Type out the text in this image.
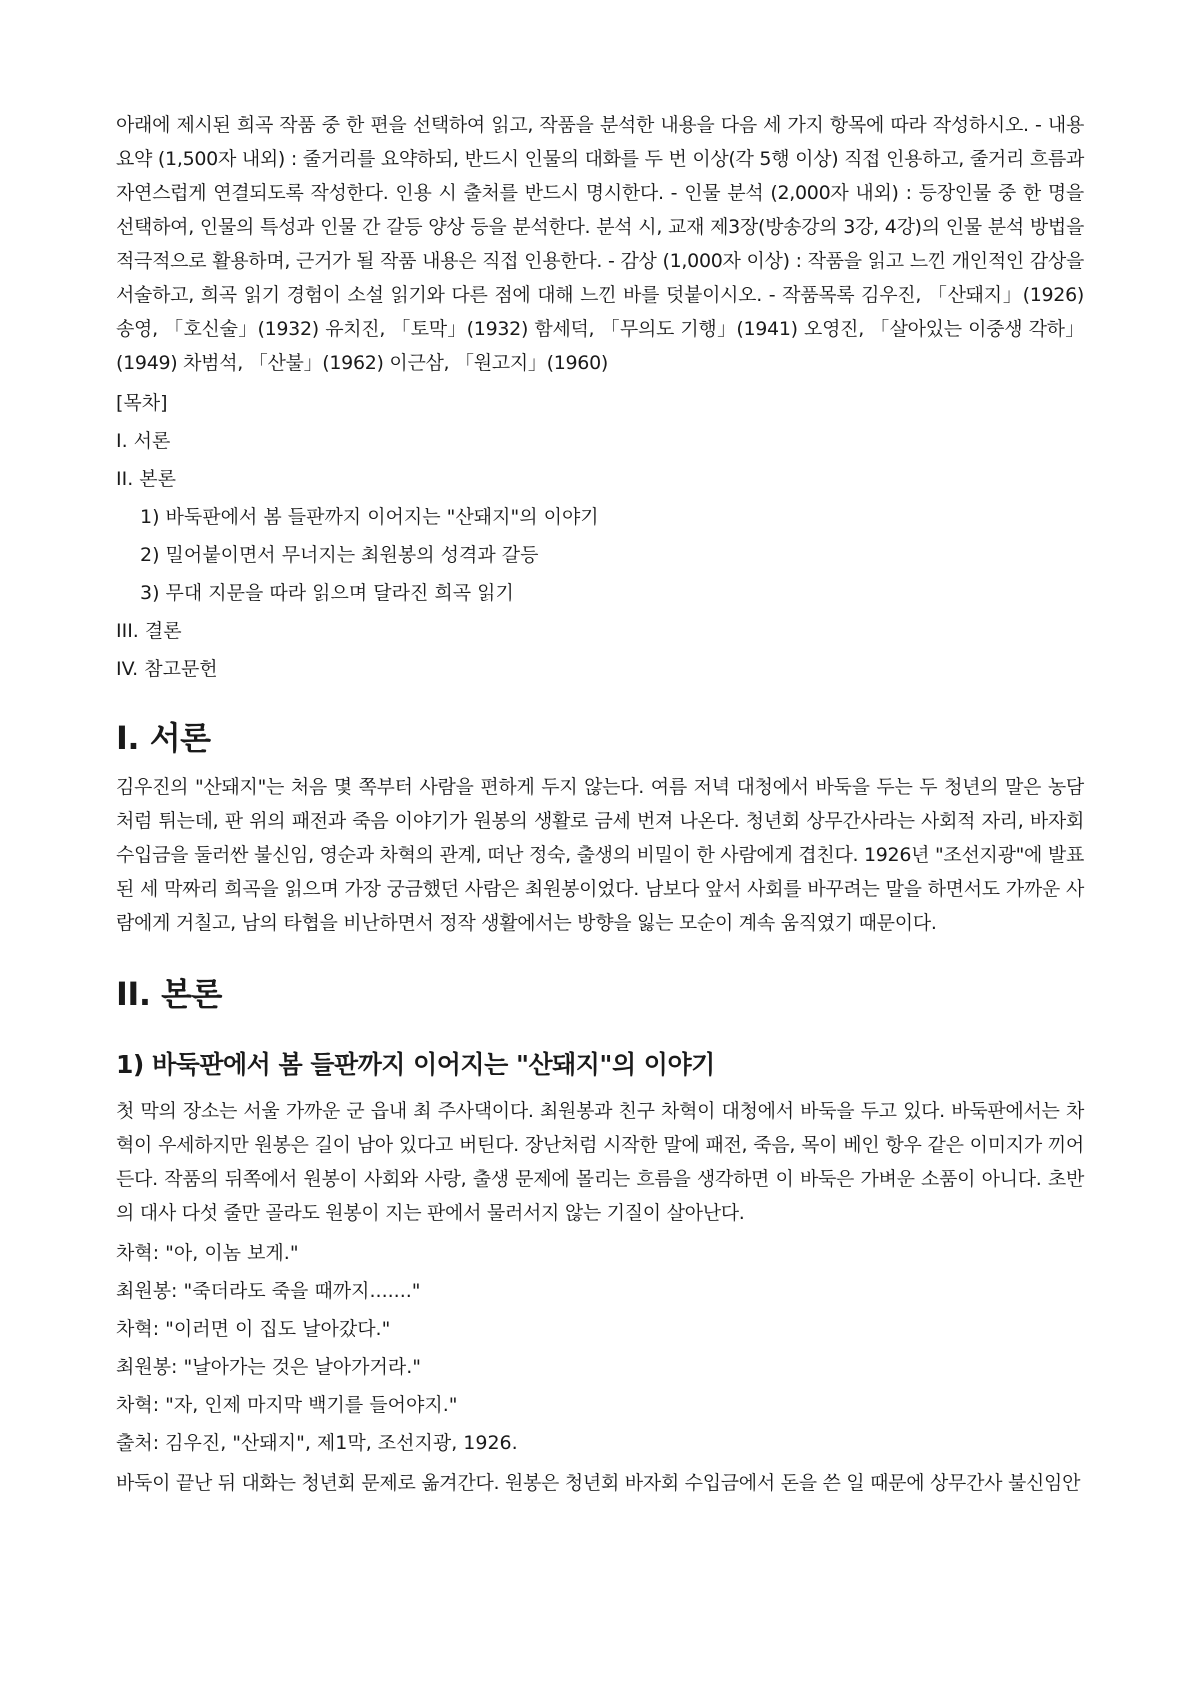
아래에 제시된 희곡 작품 중 한 편을 선택하여 읽고, 작품을 분석한 내용을 다음 세 가지 항목에 따라 작성하시오. - 내용 요약 (1,500자 내외) : 줄거리를 요약하되, 반드시 인물의 대화를 두 번 이상(각 5행 이상) 직접 인용하고, 줄거리 흐름과 자연스럽게 연결되도록 작성한다. 인용 시 출처를 반드시 명시한다. - 인물 분석 (2,000자 내외) : 등장인물 중 한 명을 선택하여, 인물의 특성과 인물 간 갈등 양상 등을 분석한다. 분석 시, 교재 제3장(방송강의 3강, 4강)의 인물 분석 방법을 적극적으로 활용하며, 근거가 될 작품 내용은 직접 인용한다. - 감상 (1,000자 이상) : 작품을 읽고 느낀 개인적인 감상을 서술하고, 희곡 읽기 경험이 소설 읽기와 다른 점에 대해 느낀 바를 덧붙이시오. - 작품목록 김우진, 「산돼지」(1926) 송영, 「호신술」(1932) 유치진, 「토막」(1932) 함세덕, 「무의도 기행」(1941) 오영진, 「살아있는 이중생 각하」(1949) 차범석, 「산불」(1962) 이근삼, 「원고지」(1960)

[목차]
I. 서론
II. 본론
1) 바둑판에서 봄 들판까지 이어지는 "산돼지"의 이야기
2) 밀어붙이면서 무너지는 최원봉의 성격과 갈등
3) 무대 지문을 따라 읽으며 달라진 희곡 읽기
III. 결론
IV. 참고문헌
I. 서론

김우진의 "산돼지"는 처음 몇 쪽부터 사람을 편하게 두지 않는다. 여름 저녁 대청에서 바둑을 두는 두 청년의 말은 농담처럼 튀는데, 판 위의 패전과 죽음 이야기가 원봉의 생활로 금세 번져 나온다. 청년회 상무간사라는 사회적 자리, 바자회 수입금을 둘러싼 불신임, 영순과 차혁의 관계, 떠난 정숙, 출생의 비밀이 한 사람에게 겹친다. 1926년 "조선지광"에 발표된 세 막짜리 희곡을 읽으며 가장 궁금했던 사람은 최원봉이었다. 남보다 앞서 사회를 바꾸려는 말을 하면서도 가까운 사람에게 거칠고, 남의 타협을 비난하면서 정작 생활에서는 방향을 잃는 모순이 계속 움직였기 때문이다.

II. 본론
1) 바둑판에서 봄 들판까지 이어지는 "산돼지"의 이야기

첫 막의 장소는 서울 가까운 군 읍내 최 주사댁이다. 최원봉과 친구 차혁이 대청에서 바둑을 두고 있다. 바둑판에서는 차혁이 우세하지만 원봉은 길이 남아 있다고 버틴다. 장난처럼 시작한 말에 패전, 죽음, 목이 베인 항우 같은 이미지가 끼어든다. 작품의 뒤쪽에서 원봉이 사회와 사랑, 출생 문제에 몰리는 흐름을 생각하면 이 바둑은 가벼운 소품이 아니다. 초반의 대사 다섯 줄만 골라도 원봉이 지는 판에서 물러서지 않는 기질이 살아난다.

차혁: "아, 이놈 보게."
최원봉: "죽더라도 죽을 때까지......."
차혁: "이러면 이 집도 날아갔다."
최원봉: "날아가는 것은 날아가거라."
차혁: "자, 인제 마지막 백기를 들어야지."
출처: 김우진, "산돼지", 제1막, 조선지광, 1926.

바둑이 끝난 뒤 대화는 청년회 문제로 옮겨간다. 원봉은 청년회 바자회 수입금에서 돈을 쓴 일 때문에 상무간사 불신임안
